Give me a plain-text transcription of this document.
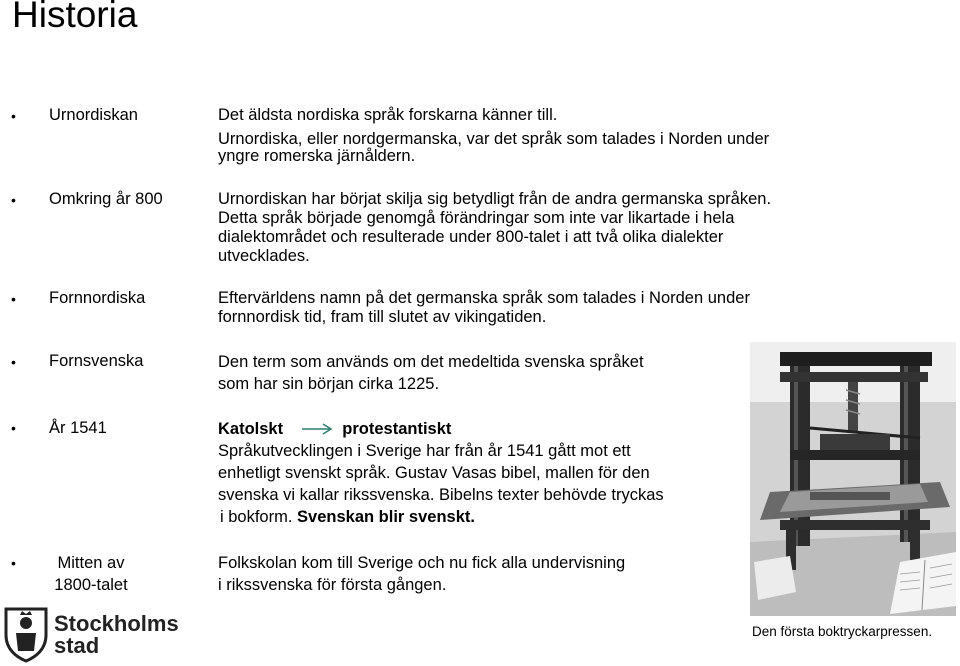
Historia
• Urnordiskan	Det äldsta nordiska språk forskarna känner till.

Urnordiska, eller nordgermanska, var det språk som talades i Norden under

yngre romerska järnåldern.

• Omkring år 800	Urnordiskan har börjat skilja sig betydligt från de andra germanska språken.

Detta språk började genomgå förändringar som inte var likartade i hela

dialektområdet och resulterade under 800-talet i att två olika dialekter

utvecklades.

• Fornnordiska	Eftervärldens namn på det germanska språk som talades i Norden under

fornnordisk tid, fram till slutet av vikingatiden.

• Fornsvenska	Den term som används om det medeltida svenska språket

som har sin början cirka 1225.

• År 1541	Katolskt	protestantiskt

Språkutvecklingen i Sverige har från år 1541 gått mot ett

enhetligt svenskt språk. Gustav Vasas bibel, mallen för den

svenska vi kallar rikssvenska. Bibelns texter behövde tryckas

i bokform. Svenskan blir svenskt.

•	Mitten av
1800-talet

Folkskolan kom till Sverige och nu fick alla undervisning

i rikssvenska för första gången.

Den första boktryckarpressen.
Stockholms
stad
